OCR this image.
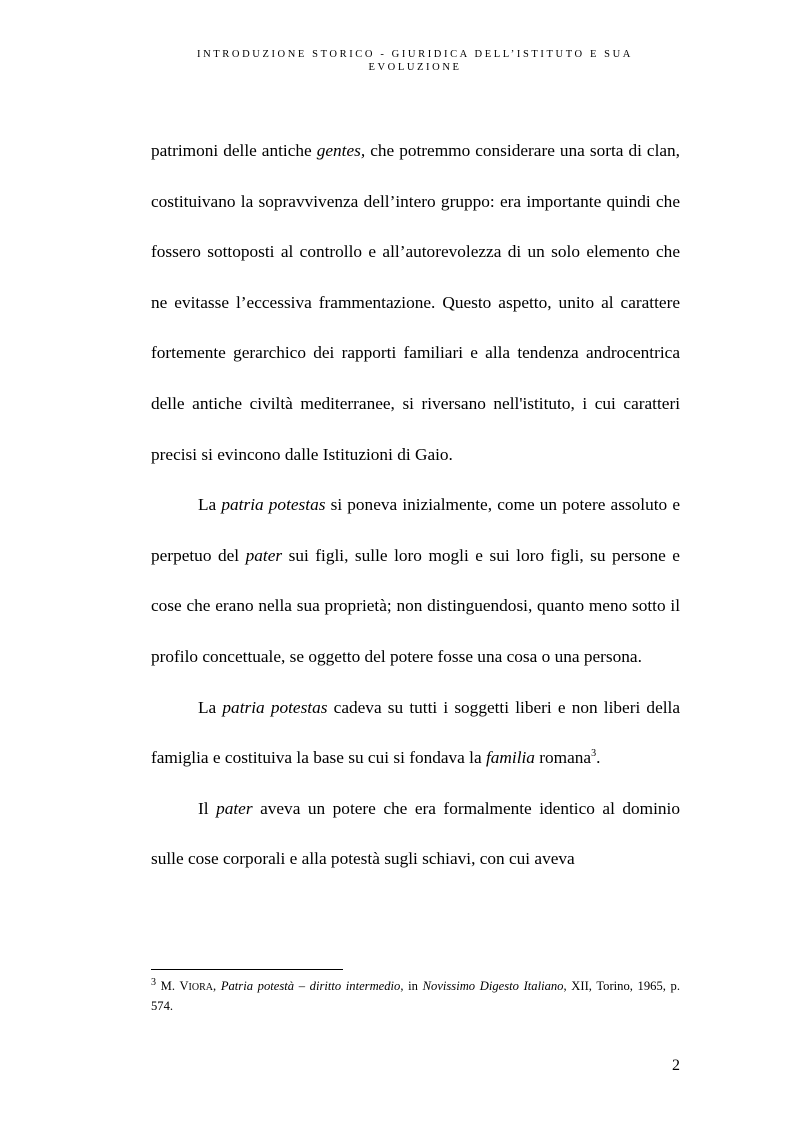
INTRODUZIONE STORICO - GIURIDICA DELL’ISTITUTO E SUA
EVOLUZIONE

patrimoni delle antiche gentes, che potremmo considerare una sorta di clan, costituivano la sopravvivenza dell’intero gruppo: era importante quindi che fossero sottoposti al controllo e all’autorevolezza di un solo elemento che ne evitasse l’eccessiva frammentazione. Questo aspetto, unito al carattere fortemente gerarchico dei rapporti familiari e alla tendenza androcentrica delle antiche civiltà mediterranee, si riversano nell'istituto, i cui caratteri precisi si evincono dalle Istituzioni di Gaio.

La patria potestas si poneva inizialmente, come un potere assoluto e perpetuo del pater sui figli, sulle loro mogli e sui loro figli, su persone e cose che erano nella sua proprietà; non distinguendosi, quanto meno sotto il profilo concettuale, se oggetto del potere fosse una cosa o una persona.

La patria potestas cadeva su tutti i soggetti liberi e non liberi della famiglia e costituiva la base su cui si fondava la familia romana$^3$.

Il pater aveva un potere che era formalmente identico al dominio sulle cose corporali e alla potestà sugli schiavi, con cui aveva

$^3$ M. VIORA, Patria potestà – diritto intermedio, in Novissimo Digesto Italiano, XII, Torino, 1965, p. 574.
2
